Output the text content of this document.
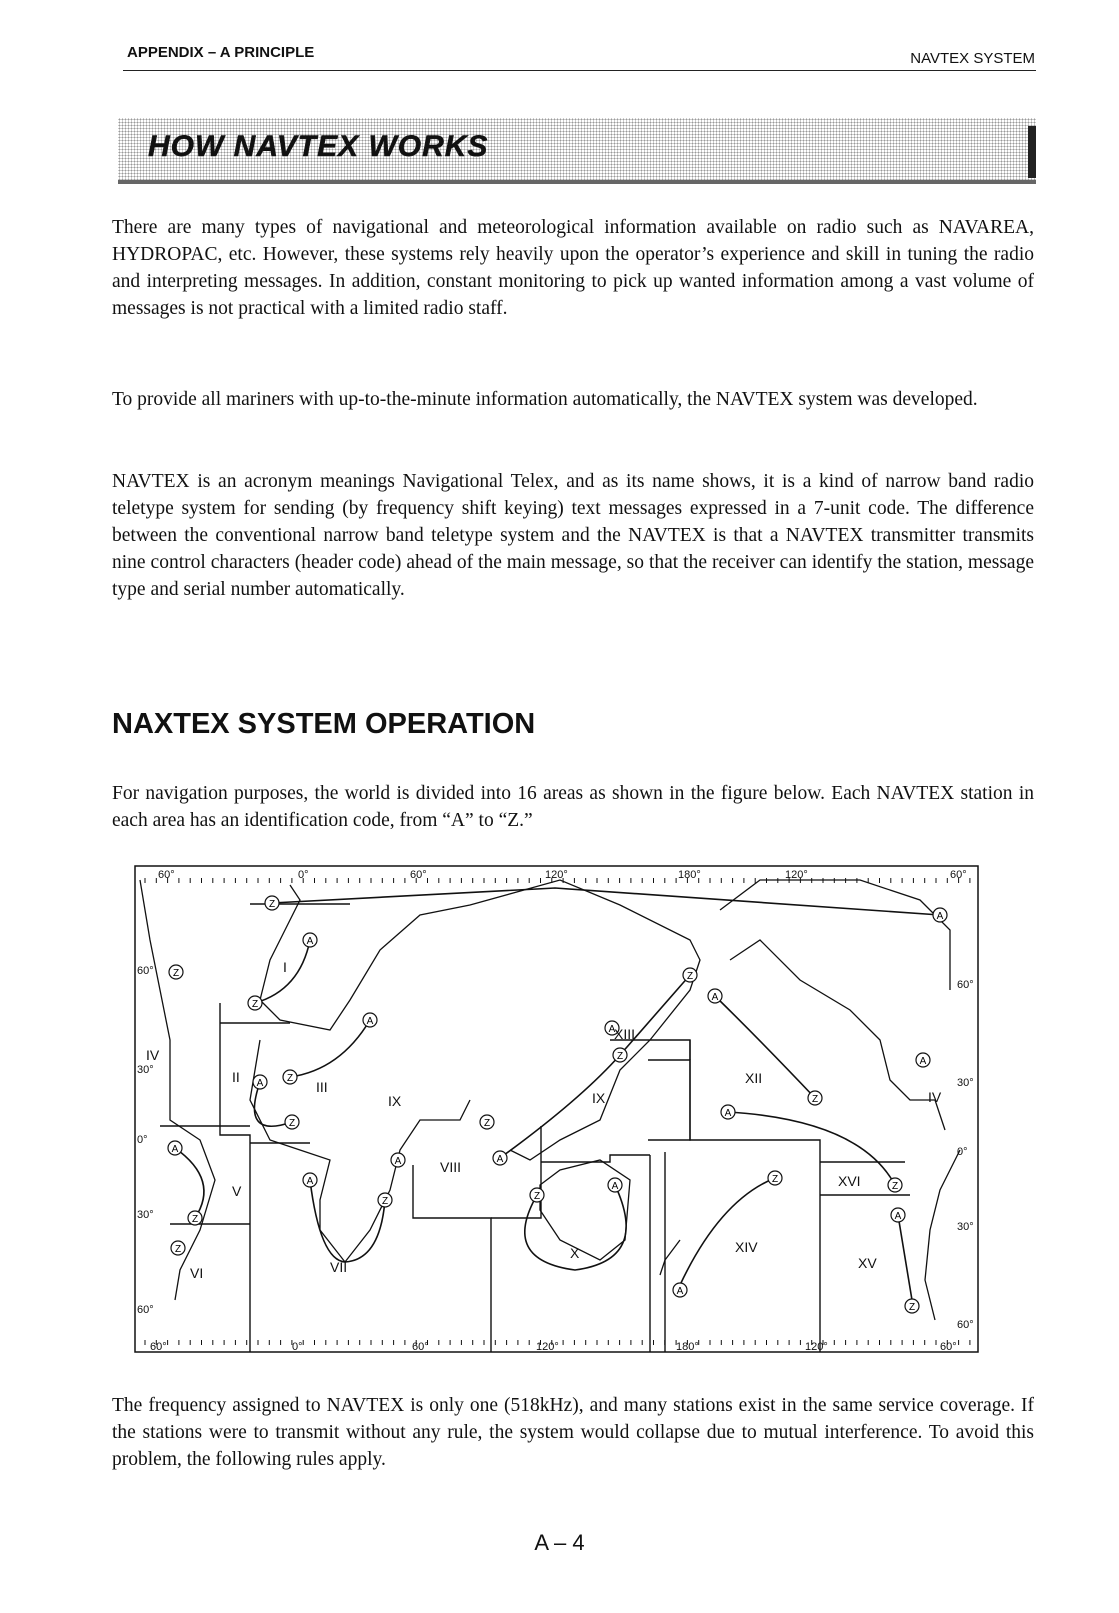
APPENDIX – A PRINCIPLE	NAVTEX SYSTEM
HOW NAVTEX WORKS

There are many types of navigational and meteorological information available on radio such as NAVAREA, HYDROPAC, etc. However, these systems rely heavily upon the operator’s experience and skill in tuning the radio and interpreting messages. In addition, constant monitoring to pick up wanted information among a vast volume of messages is not practical with a limited radio staff.

To provide all mariners with up-to-the-minute information automatically, the NAVTEX system was developed.

NAVTEX is an acronym meanings Navigational Telex, and as its name shows, it is a kind of narrow band radio teletype system for sending (by frequency shift keying) text messages expressed in a 7-unit code. The difference between the conventional narrow band teletype system and the NAVTEX is that a NAVTEX transmitter transmits nine control characters (header code) ahead of the main message, so that the receiver can identify the station, message type and serial number automatically.

NAXTEX SYSTEM OPERATION

For navigation purposes, the world is divided into 16 areas as shown in the figure below. Each NAVTEX station in each area has an identification code, from “A” to “Z.”

A
A
A
A
A
A
A
A
A
A
A
A
A
A
A
Z
Z
Z
Z
Z
Z
Z
Z
Z
Z
Z
Z
Z
Z
Z
Z	I
II
III
IV
IV
V
VI	VII
VIII
IX	IX
X
XII
XIII
XIV
XV
XVI
60°	0°	60°	120°	180°	120°	60°
60°	0°	60°	120°	180°	120°	60°
60°
30°
0°
30°
60°
60°
30°
0°
30°
60°

The frequency assigned to NAVTEX is only one (518kHz), and many stations exist in the same service coverage. If the stations were to transmit without any rule, the system would collapse due to mutual interference. To avoid this problem, the following rules apply.

A – 4
